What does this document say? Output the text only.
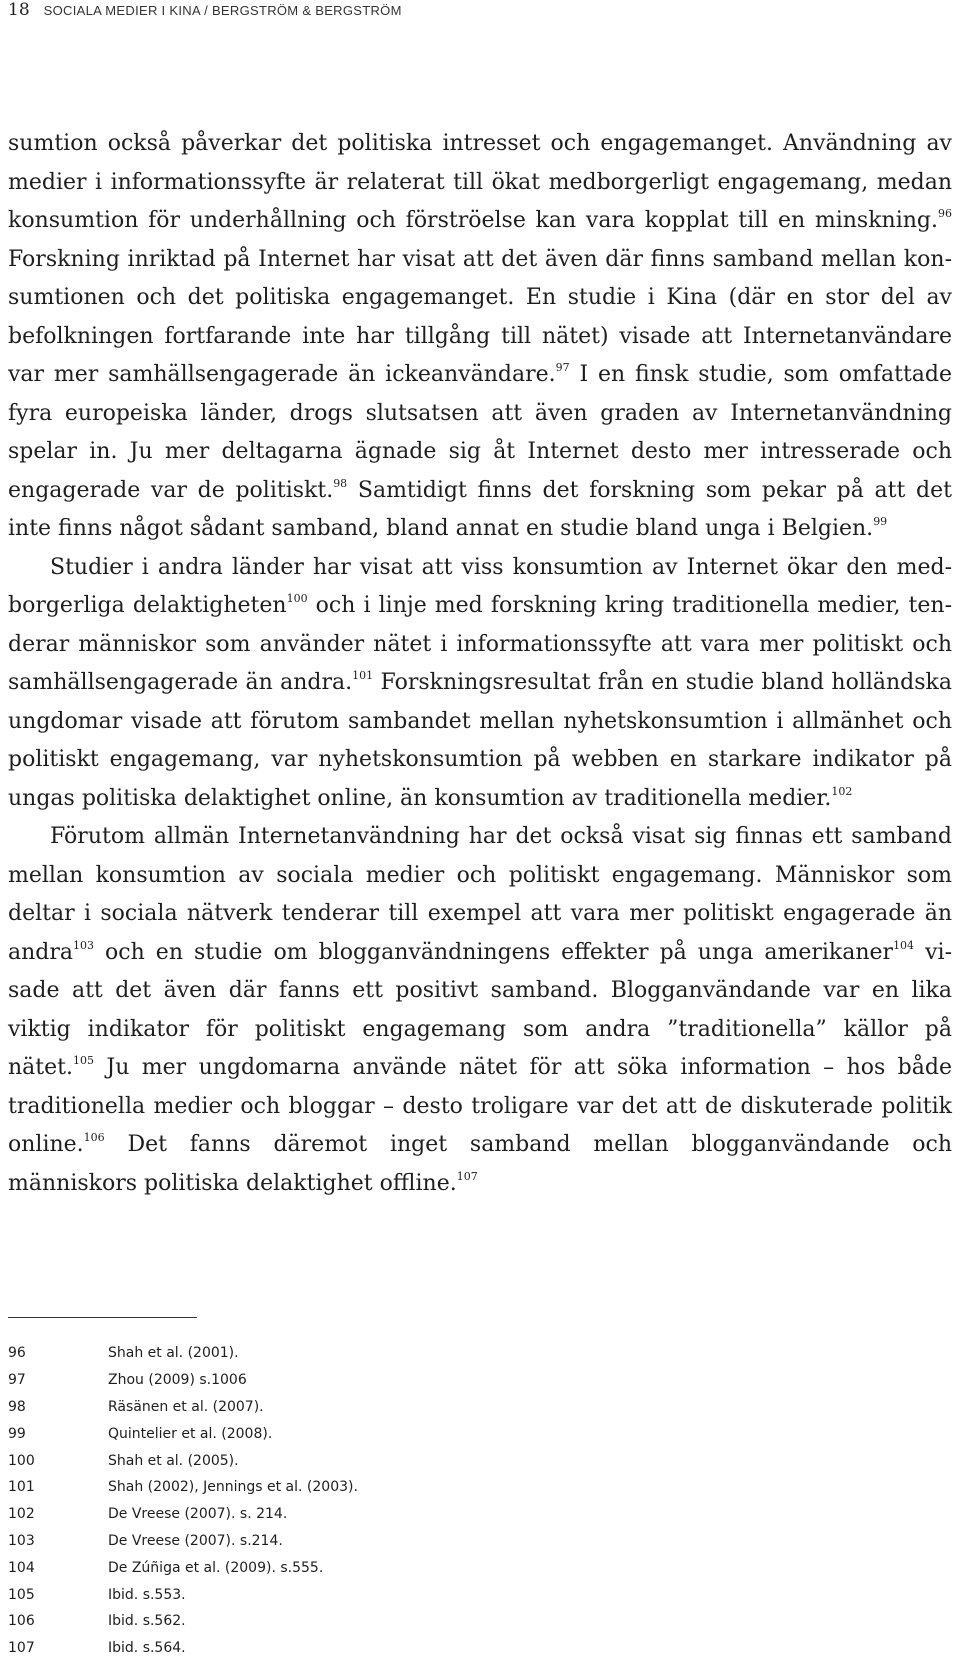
18 SOCIALA MEDIER I KINA / BERGSTRÖM & BERGSTRÖM

sumtion också påverkar det politiska intresset och engagemanget. Användning av medier i informationssyfte är relaterat till ökat medborgerligt engagemang, medan konsumtion för underhållning och förströelse kan vara kopplat till en minskning.$^{96}$ Forskning inriktad på Internet har visat att det även där finns samband mellan konsumtionen och det politiska engagemanget. En studie i Kina (där en stor del av befolkningen fortfarande inte har tillgång till nätet) visade att Internetanvändare var mer samhällsengagerade än ickeanvändare.$^{97}$ I en finsk studie, som omfattade fyra europeiska länder, drogs slutsatsen att även graden av Internetanvändning spelar in. Ju mer deltagarna ägnade sig åt Internet desto mer intresserade och engagerade var de politiskt.$^{98}$ Samtidigt finns det forskning som pekar på att det inte finns något sådant samband, bland annat en studie bland unga i Belgien.$^{99}$

Studier i andra länder har visat att viss konsumtion av Internet ökar den medborgerliga delaktigheten$^{100}$ och i linje med forskning kring traditionella medier, tenderar människor som använder nätet i informationssyfte att vara mer politiskt och samhällsengagerade än andra.$^{101}$ Forskningsresultat från en studie bland holländska ungdomar visade att förutom sambandet mellan nyhetskonsumtion i allmänhet och politiskt engagemang, var nyhetskonsumtion på webben en starkare indikator på ungas politiska delaktighet online, än konsumtion av traditionella medier.$^{102}$

Förutom allmän Internetanvändning har det också visat sig finnas ett samband mellan konsumtion av sociala medier och politiskt engagemang. Människor som deltar i sociala nätverk tenderar till exempel att vara mer politiskt engagerade än andra$^{103}$ och en studie om blogganvändningens effekter på unga amerikaner$^{104}$ visade att det även där fanns ett positivt samband. Blogganvändande var en lika viktig indikator för politiskt engagemang som andra ”traditionella” källor på nätet.$^{105}$ Ju mer ungdomarna använde nätet för att söka information – hos både traditionella medier och bloggar – desto troligare var det att de diskuterade politik online.$^{106}$ Det fanns däremot inget samband mellan blogganvändande och människors politiska delaktighet offline.$^{107}$

96	Shah et al. (2001).
97	Zhou (2009) s.1006
98	Räsänen et al. (2007).
99	Quintelier et al. (2008).
100	Shah et al. (2005).
101	Shah (2002), Jennings et al. (2003).
102	De Vreese (2007). s. 214.
103	De Vreese (2007). s.214.
104	De Zúñiga et al. (2009). s.555.
105	Ibid. s.553.
106	Ibid. s.562.
107	Ibid. s.564.
